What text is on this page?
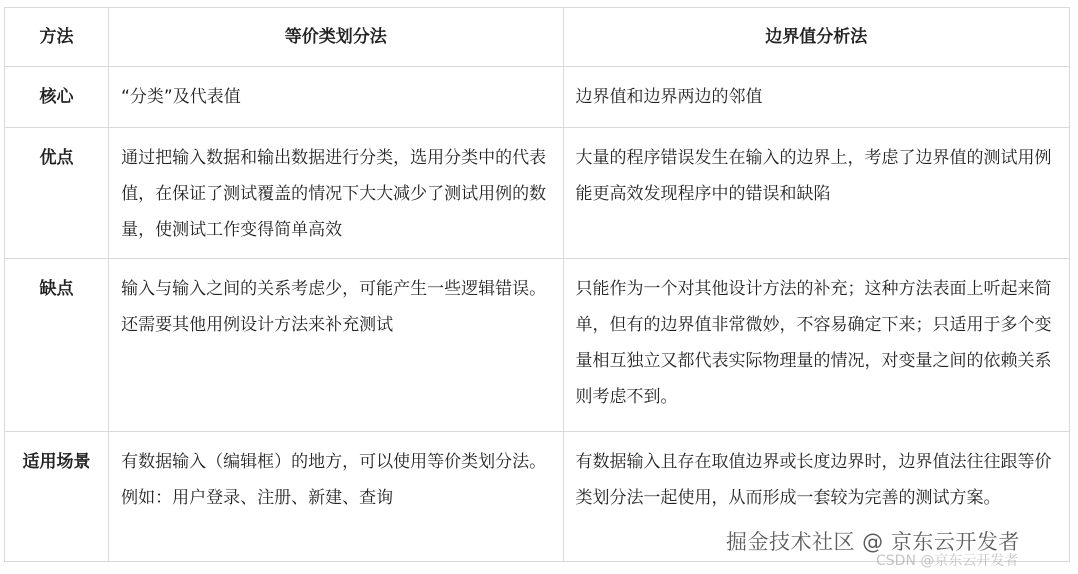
方法	等价类划分法	边界值分析法

核心	“分类”及代表值	边界值和边界两边的邻值

优点	通过把输入数据和输出数据进行分类，选用分类中的代表值，在保证了测试覆盖的情况下大大减少了测试用例的数量，使测试工作变得简单高效	大量的程序错误发生在输入的边界上，考虑了边界值的测试用例能更高效发现程序中的错误和缺陷

缺点	输入与输入之间的关系考虑少，可能产生一些逻辑错误。还需要其他用例设计方法来补充测试	只能作为一个对其他设计方法的补充；这种方法表面上听起来简单，但有的边界值非常微妙，不容易确定下来；只适用于多个变量相互独立又都代表实际物理量的情况，对变量之间的依赖关系则考虑不到。

适用场景	有数据输入（编辑框）的地方，可以使用等价类划分法。例如：用户登录、注册、新建、查询	有数据输入且存在取值边界或长度边界时，边界值法往往跟等价类划分法一起使用，从而形成一套较为完善的测试方案。
掘金技术社区 @ 京东云开发者
CSDN @京东云开发者
